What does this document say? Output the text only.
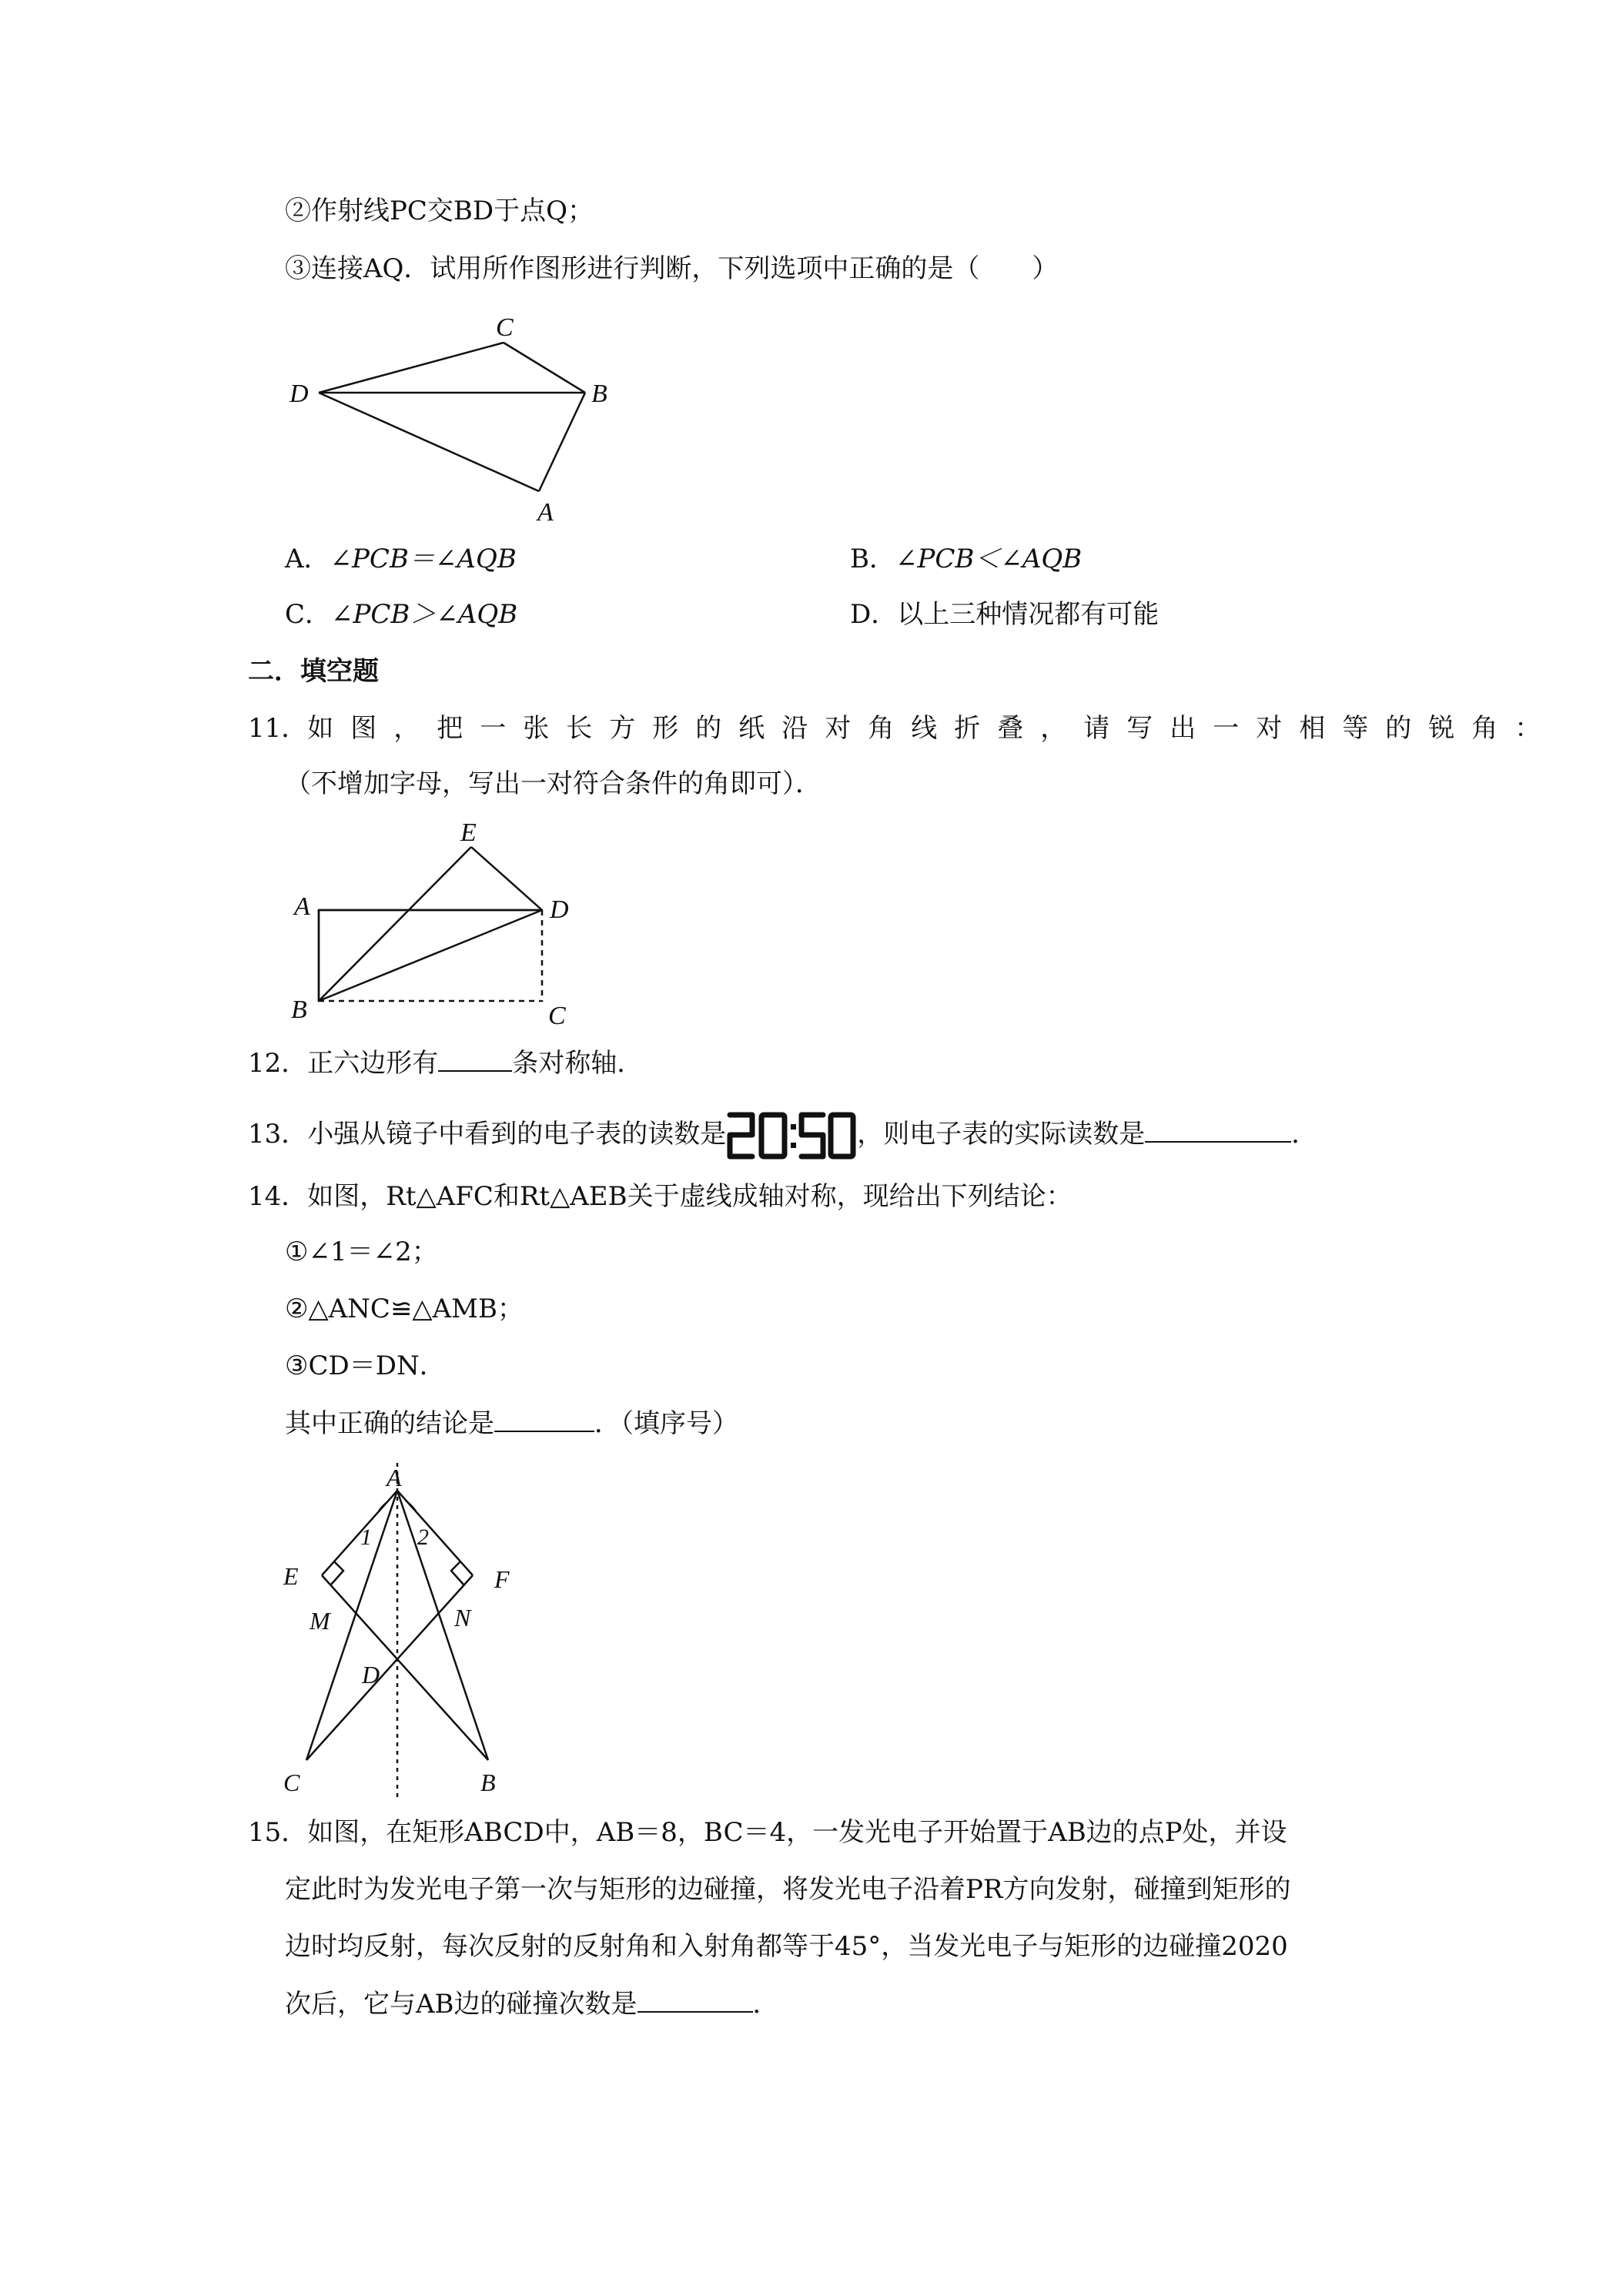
②作射线PC交BD于点Q；
③连接AQ．试用所作图形进行判断，下列选项中正确的是（　　）
C
D	B
A
A．∠PCB＝∠AQB	B．∠PCB＜∠AQB
C．∠PCB＞∠AQB	D．以上三种情况都有可能
二．填空题
11．如图，把一张长方形的纸沿对角线折叠，请写出一对相等的锐角：
（不增加字母，写出一对符合条件的角即可）．
E
A	D
B	C
12．正六边形有	条对称轴．
13．小强从镜子中看到的电子表的读数是
20:50
，则电子表的实际读数是	．
14．如图，Rt△AFC和Rt△AEB关于虚线成轴对称，现给出下列结论：
①∠1＝∠2；
②△ANC≌△AMB；
③CD＝DN．
其中正确的结论是	．（填序号）
A
1 2
E	F
M	N
D
C	B
15．如图，在矩形ABCD中，AB＝8，BC＝4，一发光电子开始置于AB边的点P处，并设
定此时为发光电子第一次与矩形的边碰撞，将发光电子沿着PR方向发射，碰撞到矩形的
边时均反射，每次反射的反射角和入射角都等于45°，当发光电子与矩形的边碰撞2020
次后，它与AB边的碰撞次数是	．
